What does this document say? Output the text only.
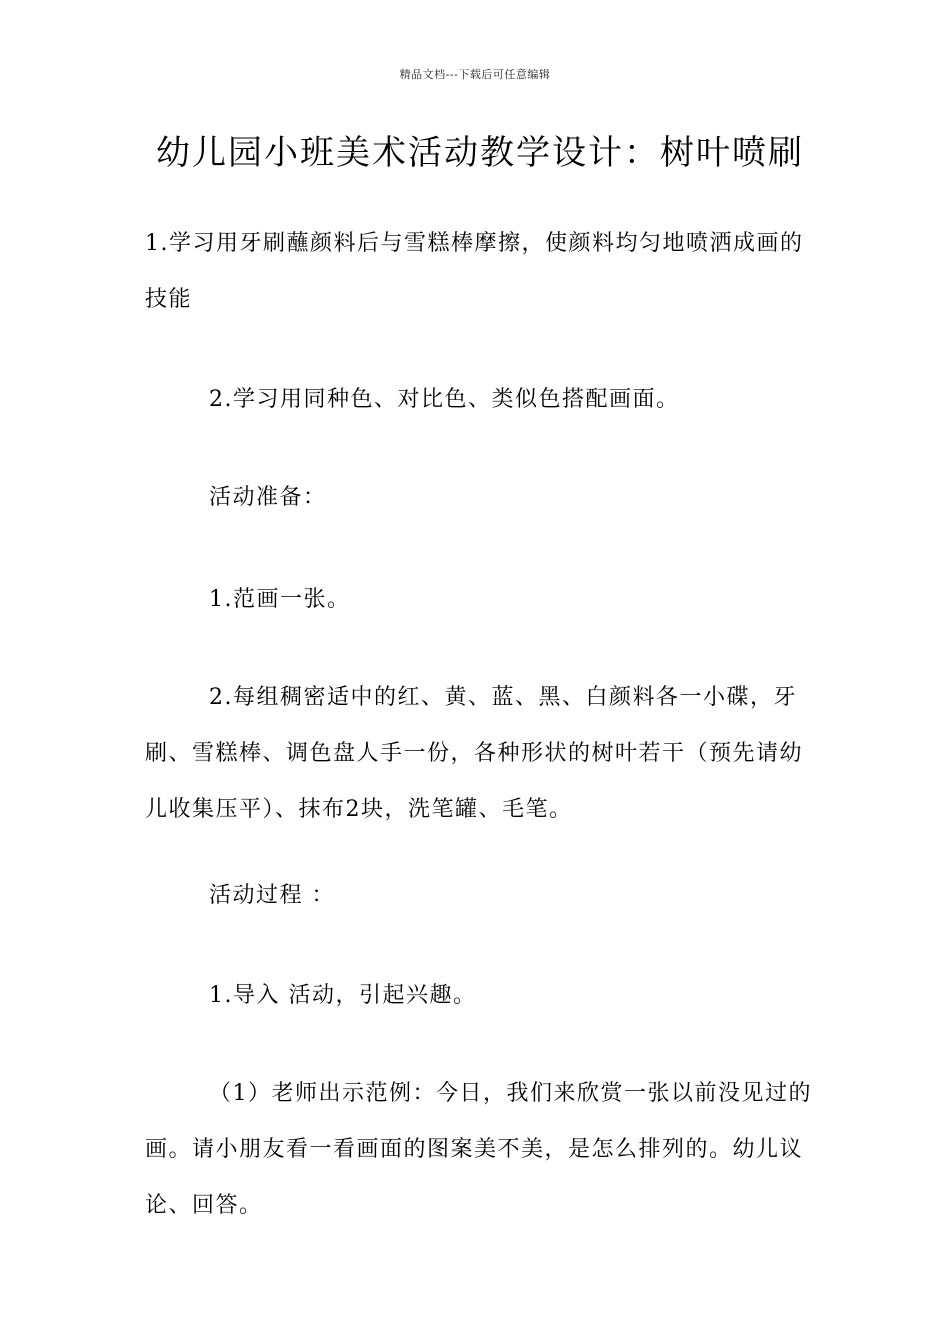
精品文档---下载后可任意编辑
幼儿园小班美术活动教学设计：树叶喷刷
1.学习用牙刷蘸颜料后与雪糕棒摩擦，使颜料均匀地喷洒成画的技能
2.学习用同种色、对比色、类似色搭配画面。
活动准备：
1.范画一张。
2.每组稠密适中的红、黄、蓝、黑、白颜料各一小碟，牙刷、雪糕棒、调色盘人手一份，各种形状的树叶若干（预先请幼儿收集压平）、抹布2块，洗笔罐、毛笔。
活动过程 ：
1.导入 活动，引起兴趣。
（1）老师出示范例：今日，我们来欣赏一张以前没见过的画。请小朋友看一看画面的图案美不美，是怎么排列的。幼儿议论、回答。
